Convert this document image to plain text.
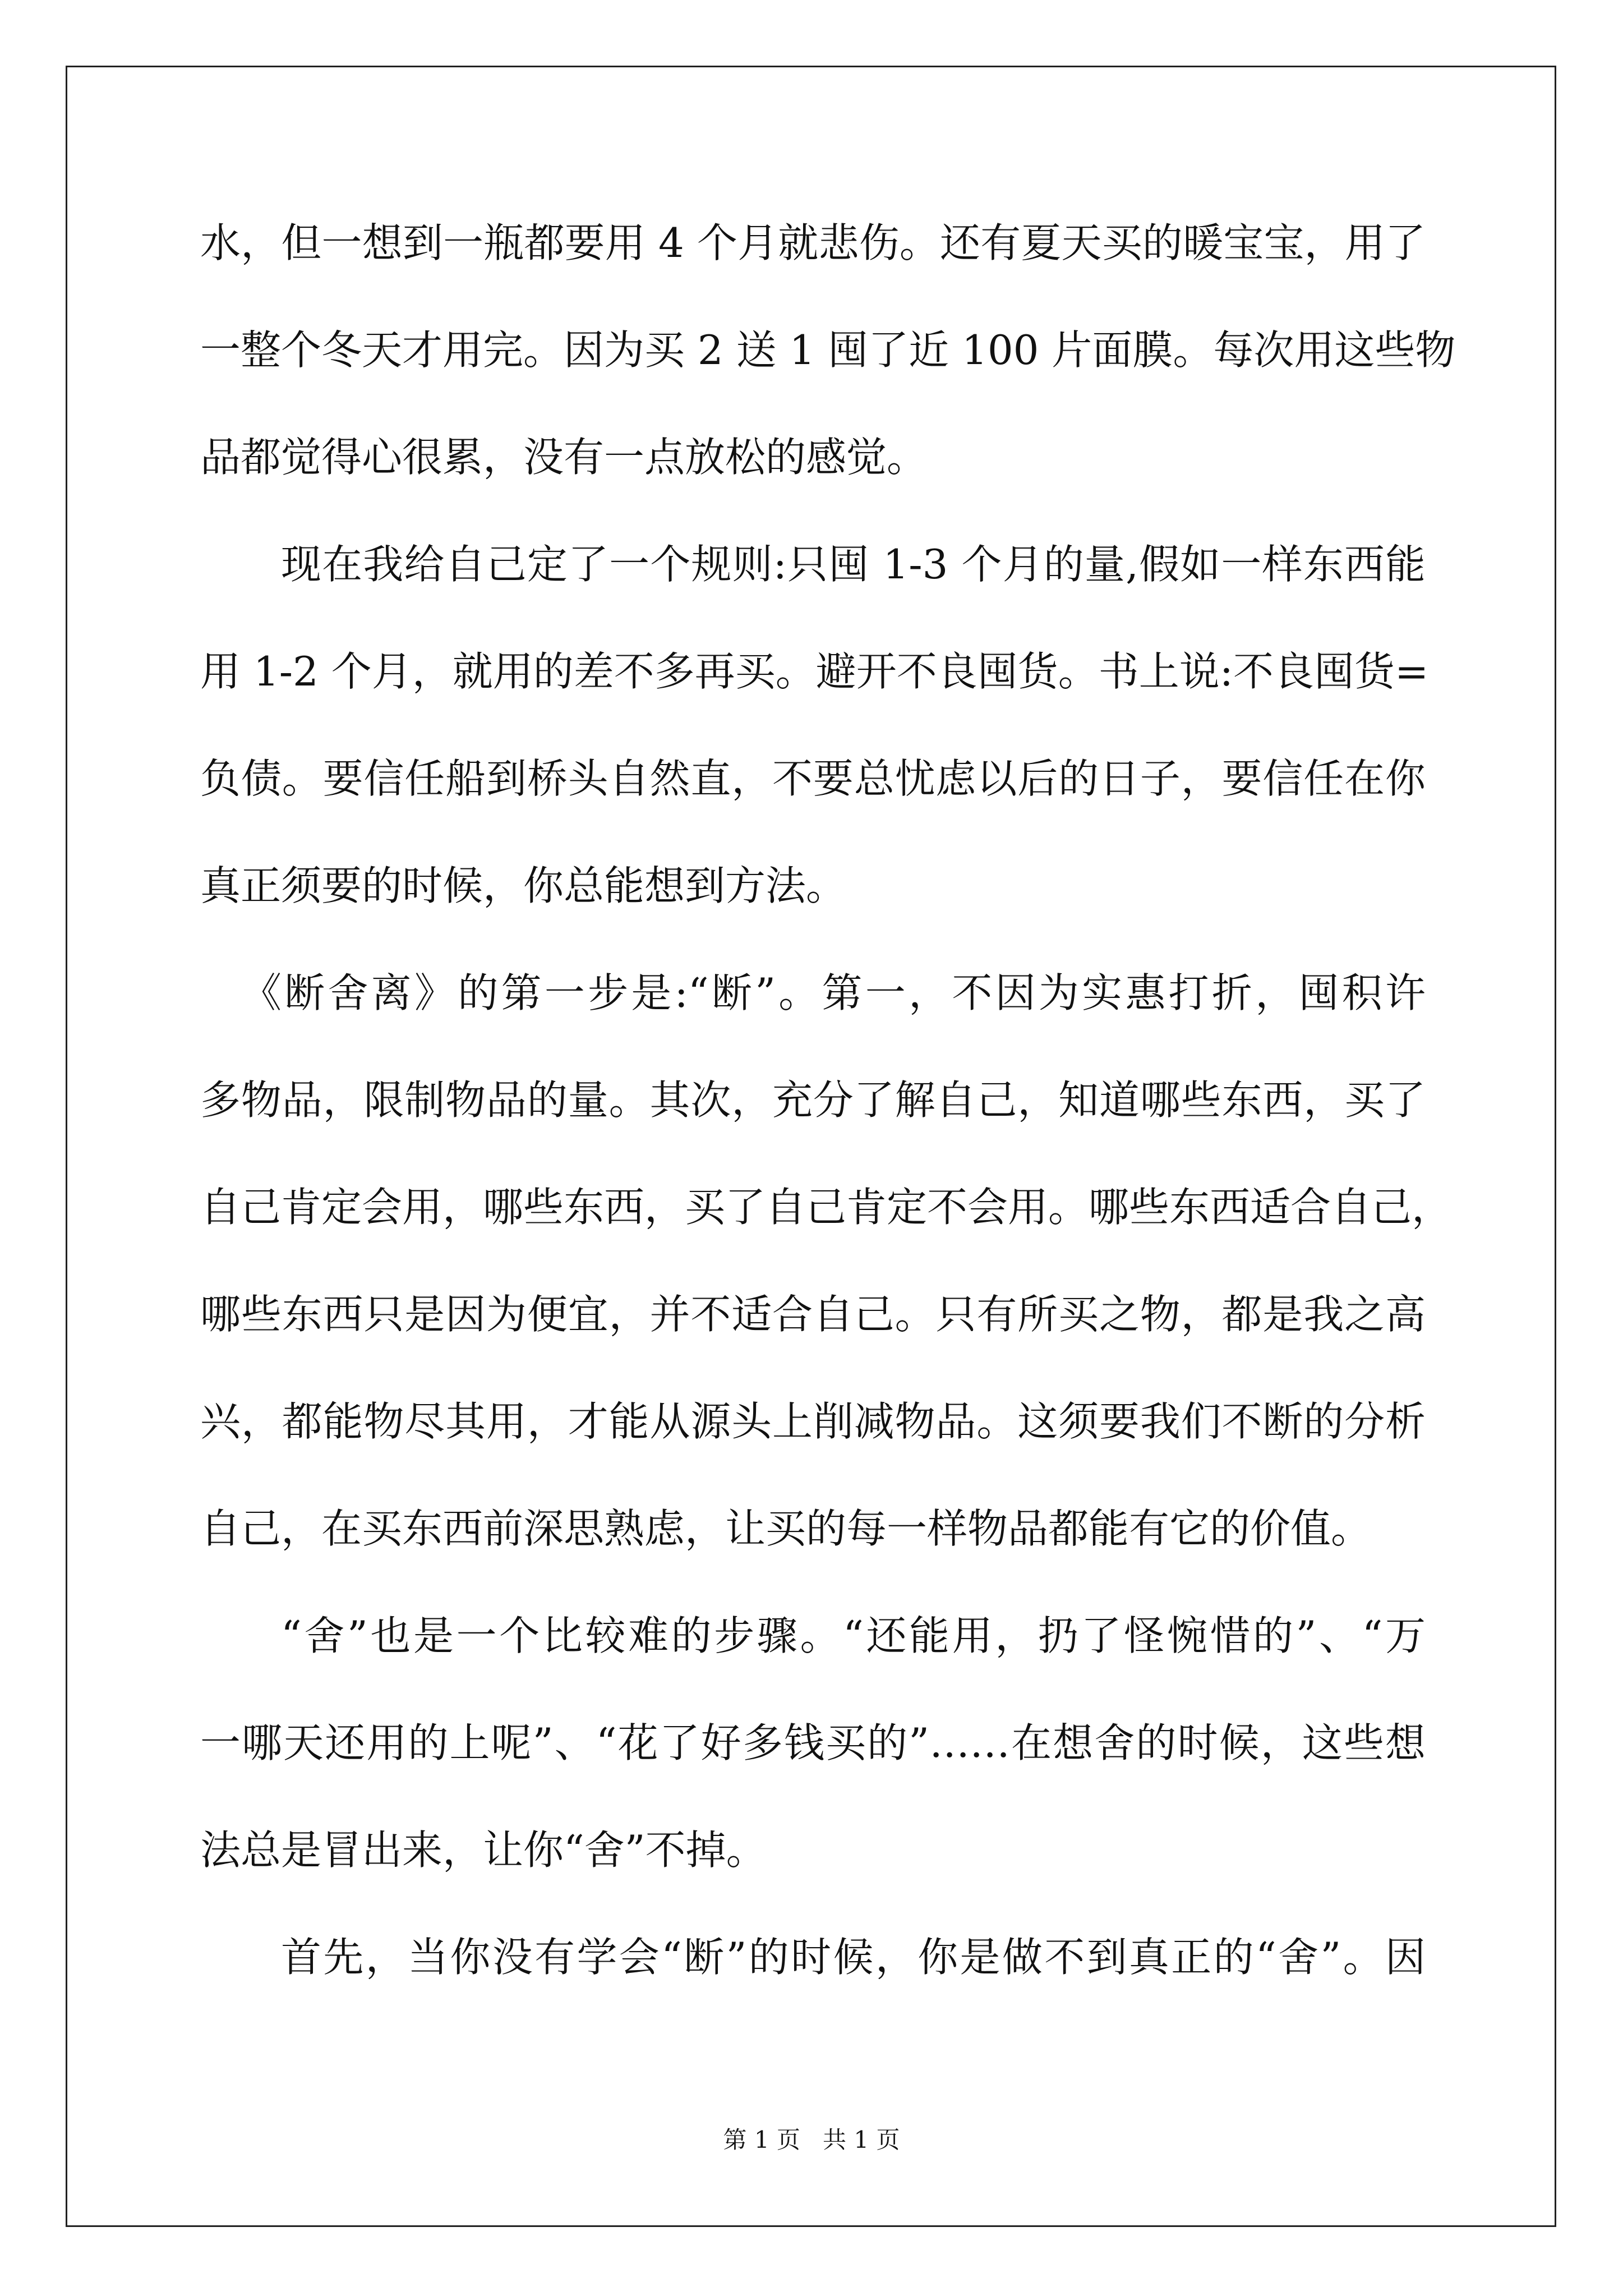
水，但一想到一瓶都要用 4 个月就悲伤。还有夏天买的暖宝宝，用了
一整个冬天才用完。因为买 2 送 1 囤了近 100 片面膜。每次用这些物
品都觉得心很累，没有一点放松的感觉。
现在我给自己定了一个规则:只囤 1-3 个月的量,假如一样东西能
用 1-2 个月，就用的差不多再买。避开不良囤货。书上说:不良囤货=
负债。要信任船到桥头自然直，不要总忧虑以后的日子，要信任在你
真正须要的时候，你总能想到方法。
《断舍离》的第一步是:“断”。第一，不因为实惠打折，囤积许
多物品，限制物品的量。其次，充分了解自己，知道哪些东西，买了
自己肯定会用，哪些东西，买了自己肯定不会用。哪些东西适合自己，
哪些东西只是因为便宜，并不适合自己。只有所买之物，都是我之高
兴，都能物尽其用，才能从源头上削减物品。这须要我们不断的分析
自己，在买东西前深思熟虑，让买的每一样物品都能有它的价值。
“舍”也是一个比较难的步骤。“还能用，扔了怪惋惜的”、“万
一哪天还用的上呢”、“花了好多钱买的”……在想舍的时候，这些想
法总是冒出来，让你“舍”不掉。
首先，当你没有学会“断”的时候，你是做不到真正的“舍”。因
第 1 页   共 1 页
